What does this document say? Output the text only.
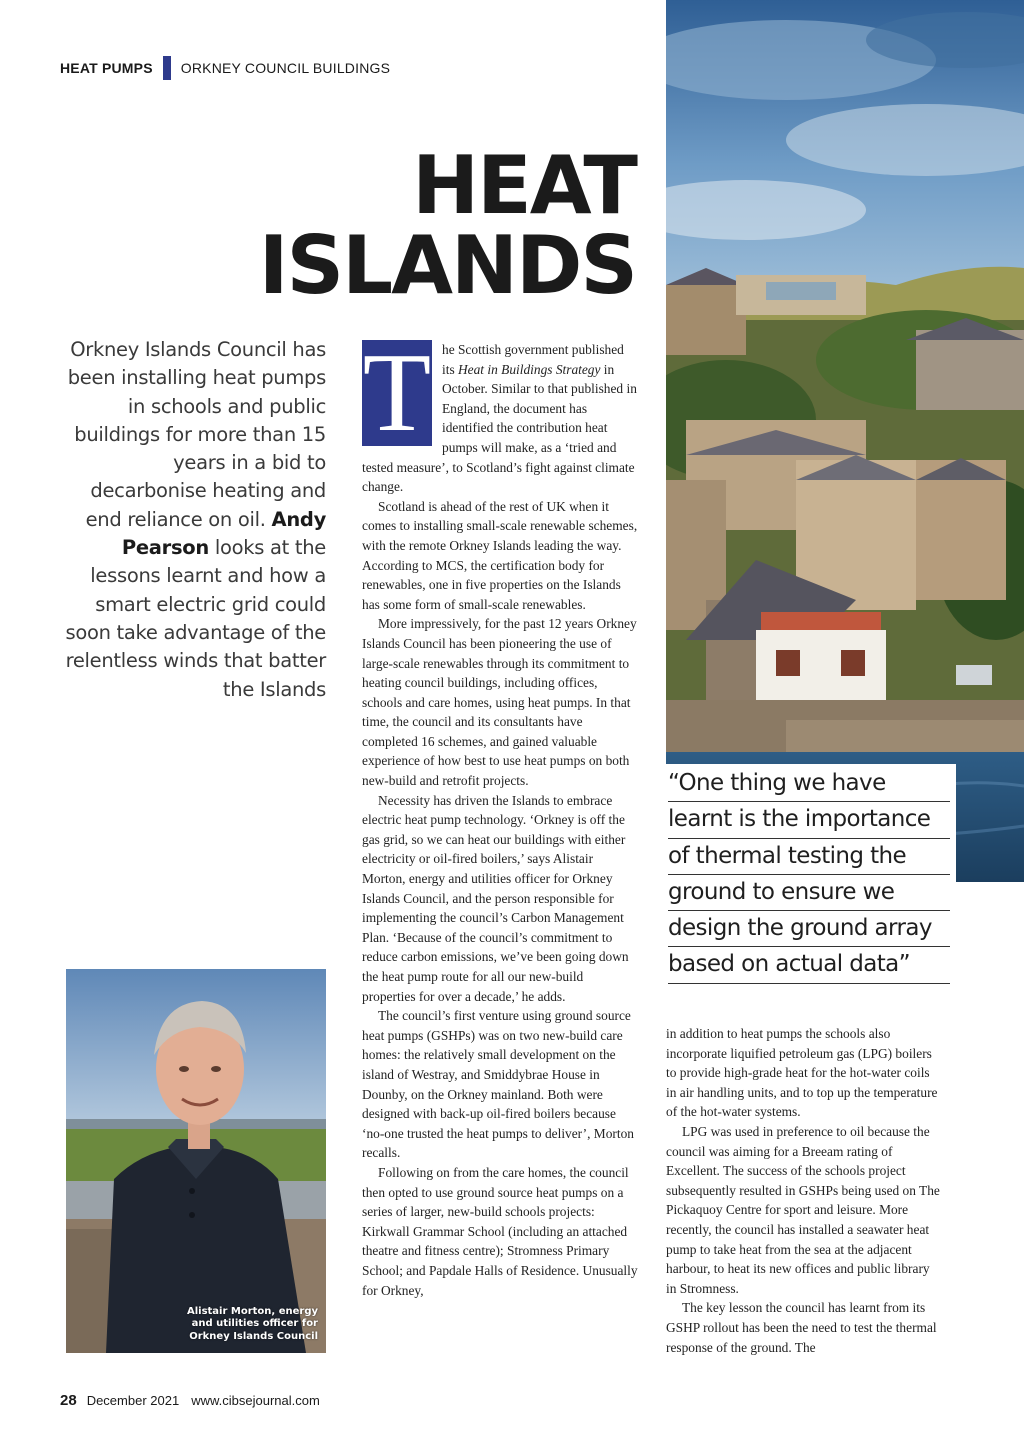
HEAT PUMPS ORKNEY COUNCIL BUILDINGS
HEAT
ISLANDS
Orkney Islands Council has been installing heat pumps in schools and public buildings for more than 15 years in a bid to decarbonise heating and end reliance on oil. Andy Pearson looks at the lessons learnt and how a smart electric grid could soon take advantage of the relentless winds that batter the Islands

T he Scottish government published its Heat in Buildings Strategy in October. Similar to that published in England, the document has identified the contribution heat pumps will make, as a ‘tried and tested measure’, to Scotland’s fight against climate change.

Scotland is ahead of the rest of UK when it comes to installing small-scale renewable schemes, with the remote Orkney Islands leading the way. According to MCS, the certification body for renewables, one in five properties on the Islands has some form of small-scale renewables.

More impressively, for the past 12 years Orkney Islands Council has been pioneering the use of large-scale renewables through its commitment to heating council buildings, including offices, schools and care homes, using heat pumps. In that time, the council and its consultants have completed 16 schemes, and gained valuable experience of how best to use heat pumps on both new-build and retrofit projects.

Necessity has driven the Islands to embrace electric heat pump technology. ‘Orkney is off the gas grid, so we can heat our buildings with either electricity or oil-fired boilers,’ says Alistair Morton, energy and utilities officer for Orkney Islands Council, and the person responsible for implementing the council’s Carbon Management Plan. ‘Because of the council’s commitment to reduce carbon emissions, we’ve been going down the heat pump route for all our new-build properties for over a decade,’ he adds.

The council’s first venture using ground source heat pumps (GSHPs) was on two new-build care homes: the relatively small development on the island of Westray, and Smiddybrae House in Dounby, on the Orkney mainland. Both were designed with back-up oil-fired boilers because ‘no-one trusted the heat pumps to deliver’, Morton recalls.

Following on from the care homes, the council then opted to use ground source heat pumps on a series of larger, new-build schools projects: Kirkwall Grammar School (including an attached theatre and fitness centre); Stromness Primary School; and Papdale Halls of Residence. Unusually for Orkney,

“One thing we have
learnt is the importance
of thermal testing the
ground to ensure we
design the ground array
based on actual data”

in addition to heat pumps the schools also incorporate liquified petroleum gas (LPG) boilers to provide high-grade heat for the hot-water coils in air handling units, and to top up the temperature of the hot-water systems.

LPG was used in preference to oil because the council was aiming for a Breeam rating of Excellent. The success of the schools project subsequently resulted in GSHPs being used on The Pickaquoy Centre for sport and leisure. More recently, the council has installed a seawater heat pump to take heat from the sea at the adjacent harbour, to heat its new offices and public library in Stromness.

The key lesson the council has learnt from its GSHP rollout has been the need to test the thermal response of the ground. The

Alistair Morton, energy
and utilities officer for
Orkney Islands Council
28 December 2021 www.cibsejournal.com
